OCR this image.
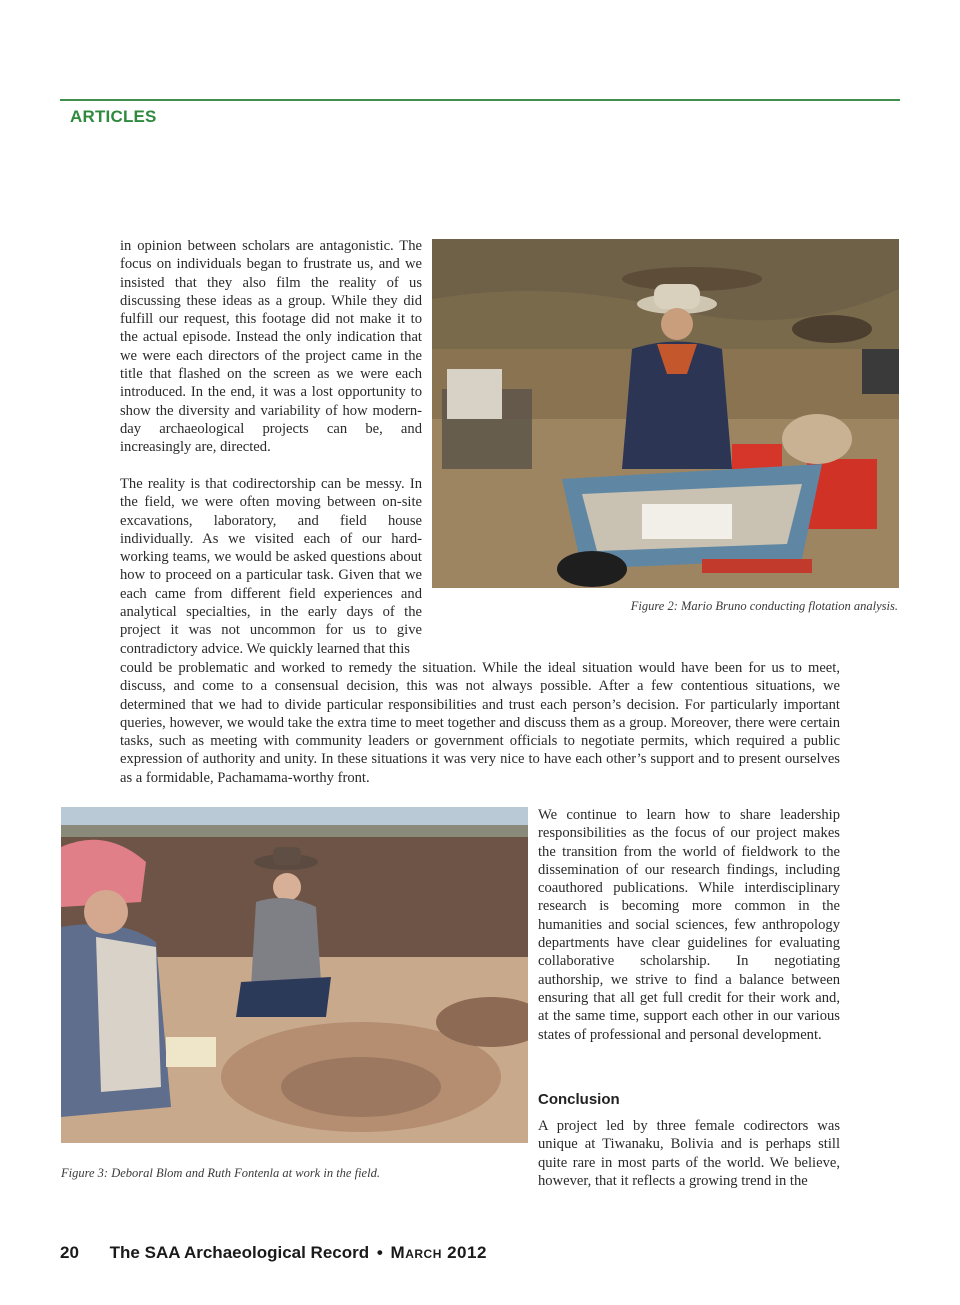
ARTICLES

in opinion between scholars are antagonistic. The focus on individuals began to frustrate us, and we insisted that they also film the reality of us discussing these ideas as a group. While they did fulfill our request, this footage did not make it to the actual episode. Instead the only indication that we were each directors of the project came in the title that flashed on the screen as we were each introduced. In the end, it was a lost opportunity to show the diversity and variability of how modern-day archaeological projects can be, and increasingly are, directed.

The reality is that codirectorship can be messy. In the field, we were often moving between on-site excavations, laboratory, and field house individually. As we visited each of our hard-working teams, we would be asked questions about how to proceed on a particular task. Given that we each came from different field experiences and analytical specialties, in the early days of the project it was not uncommon for us to give contradictory advice. We quickly learned that this

could be problematic and worked to remedy the situation. While the ideal situation would have been for us to meet, discuss, and come to a consensual decision, this was not always possible. After a few contentious situations, we determined that we had to divide particular responsibilities and trust each person’s decision. For particularly important queries, however, we would take the extra time to meet together and discuss them as a group. Moreover, there were certain tasks, such as meeting with community leaders or government officials to negotiate permits, which required a public expression of authority and unity. In these situations it was very nice to have each other’s support and to present ourselves as a formidable, Pachamama-worthy front.

Figure 2: Mario Bruno conducting flotation analysis.
Figure 3: Deboral Blom and Ruth Fontenla at work in the field.

We continue to learn how to share leadership responsibilities as the focus of our project makes the transition from the world of fieldwork to the dissemination of our research findings, including coauthored publications. While interdisciplinary research is becoming more common in the humanities and social sciences, few anthropology departments have clear guidelines for evaluating collaborative scholarship. In negotiating authorship, we strive to find a balance between ensuring that all get full credit for their work and, at the same time, support each other in our various states of professional and personal development.

Conclusion

A project led by three female codirectors was unique at Tiwanaku, Bolivia and is perhaps still quite rare in most parts of the world. We believe, however, that it reflects a growing trend in the

20 The SAA Archaeological Record • March 2012
